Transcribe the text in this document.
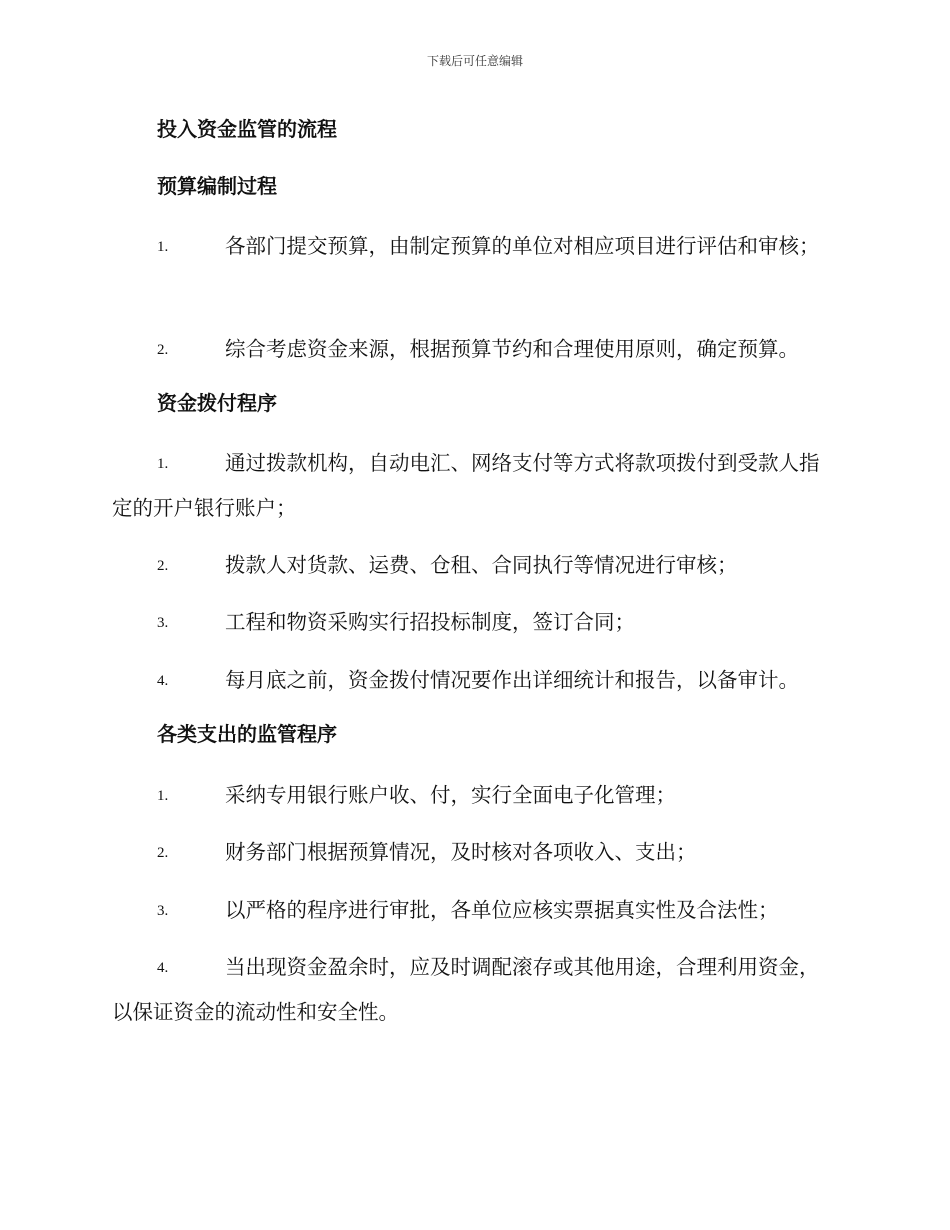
下载后可任意编辑
投入资金监管的流程
预算编制过程
1.	各部门提交预算，由制定预算的单位对相应项目进行评估和审核；
2.	综合考虑资金来源，根据预算节约和合理使用原则，确定预算。
资金拨付程序
1.	通过拨款机构，自动电汇、网络支付等方式将款项拨付到受款人指定的开户银行账户；
2.	拨款人对货款、运费、仓租、合同执行等情况进行审核；
3.	工程和物资采购实行招投标制度，签订合同；
4.	每月底之前，资金拨付情况要作出详细统计和报告，以备审计。
各类支出的监管程序
1.	采纳专用银行账户收、付，实行全面电子化管理；
2.	财务部门根据预算情况，及时核对各项收入、支出；
3.	以严格的程序进行审批，各单位应核实票据真实性及合法性；
4.	当出现资金盈余时，应及时调配滚存或其他用途，合理利用资金，以保证资金的流动性和安全性。
